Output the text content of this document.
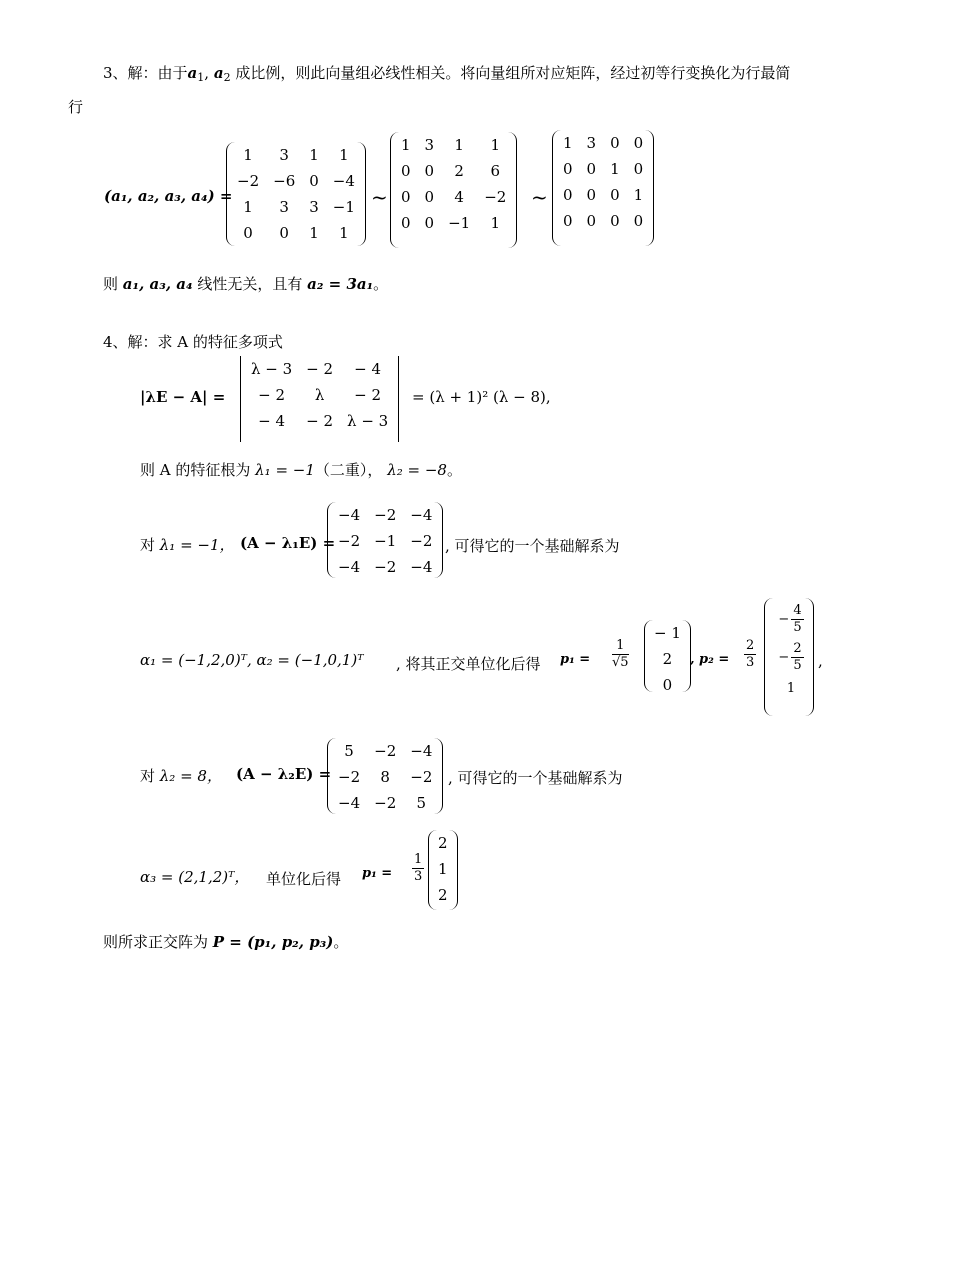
3、解：由于$a_1$, $a_2$ 成比例，则此向量组必线性相关。将向量组所对应矩阵，经过初等行变换化为行最简
行
(a₁, a₂, a₃, a₄) =
1	3	1	1
−2	−6	0	−4
1	3	3	−1
0	0	1	1
~
1	3	1	1
0	0	2	6
0	0	4	−2
0	0	−1	1
~
1	3	0	0
0	0	1	0
0	0	0	1
0	0	0	0
则 a₁, a₃, a₄ 线性无关，且有 a₂ = 3a₁。
4、解：求 A 的特征多项式
|λE − A| =
λ − 3	− 2	− 4
− 2	λ	− 2
− 4	− 2	λ − 3
= (λ + 1)² (λ − 8),
则 A 的特征根为 λ₁ = −1（二重）， λ₂ = −8。
对 λ₁ = −1， (A − λ₁E) =
−4	−2	−4
−2	−1	−2
−4	−2	−4
, 可得它的一个基础解系为
α₁ = (−1,2,0)ᵀ, α₂ = (−1,0,1)ᵀ , 将其正交单位化后得 $p_1 = \frac{1}{√5}$
− 1
2
0
, $p_2 = \frac{2}{3}$
− $\frac{4}{5}$
− $\frac{2}{5}$
1
,
对 λ₂ = 8， (A − λ₂E) =
5	−2	−4
−2	8	−2
−4	−2	5
, 可得它的一个基础解系为
α₃ = (2,1,2)ᵀ， 单位化后得 $p_1 = \frac{1}{3}$
2
1
2
则所求正交阵为 P = (p₁, p₂, p₃)。
